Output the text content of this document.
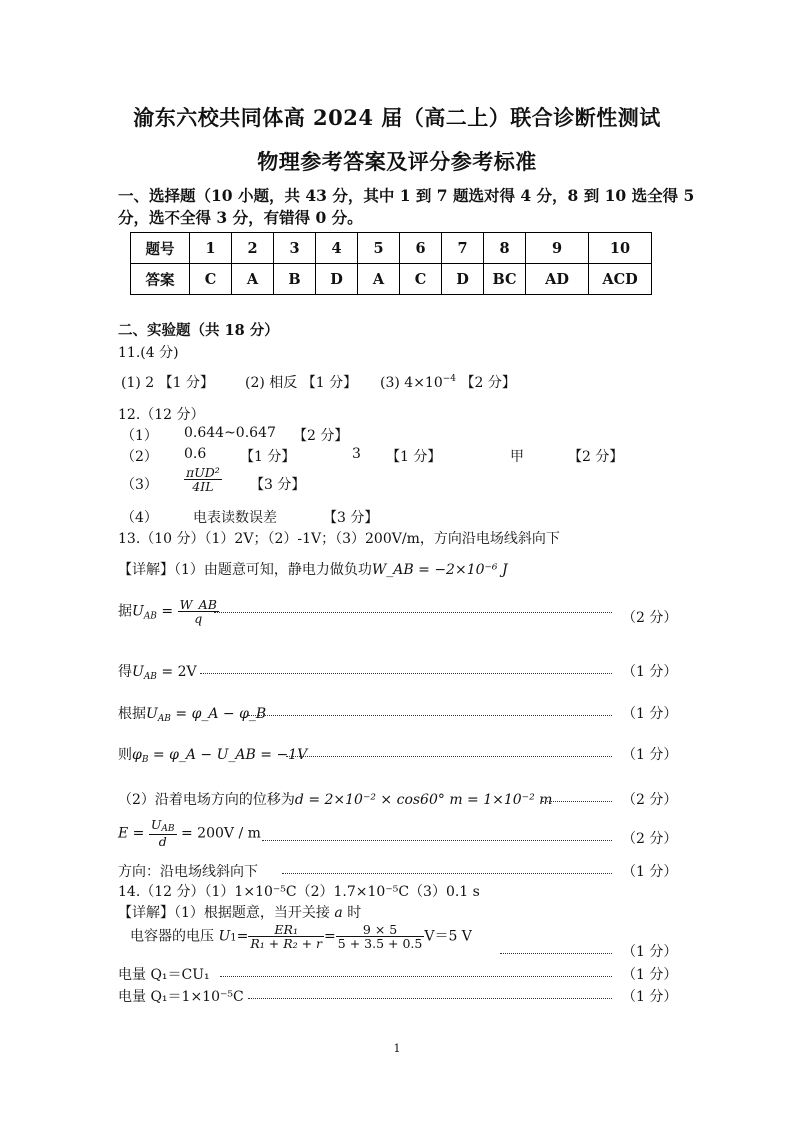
渝东六校共同体高 2024 届（高二上）联合诊断性测试
物理参考答案及评分参考标准
一、选择题（10 小题，共 43 分，其中 1 到 7 题选对得 4 分，8 到 10 选全得 5
分，选不全得 3 分，有错得 0 分。
题号	1	2	3	4	5	6	7	8	9	10
答案	C	A	B	D	A	C	D	BC	AD	ACD
二、实验题（共 18 分）
11.(4 分)
(1) 2 【1 分】 (2) 相反 【1 分】 (3) $4\times 10^{-4}$ 【2 分】
12.（12 分）
（1） 0.644~0.647 【2 分】
（2） 0.6 【1 分】	3 【1 分】	甲	【2 分】
$(3) \frac{\text{πUD²}}{4IL}$ 【3 分】
（4）	电表读数误差	【3 分】
13.（10 分）（1）2V；（2）-1V；（3）200V/m，方向沿电场线斜向下
【详解】（1）由题意可知，静电力做负功W_AB = −2×10⁻⁶ J
据$U_{AB} = \frac{W\_AB}{q}$	（2 分）
得$U_{AB} = 2V$	（1 分）
根据$U_{AB}$ = φ_A − φ_B	（1 分）
则$\varphi_B$ = φ_A − U_AB = −1V	（1 分）
（2）沿着电场方向的位移为d = 2×10⁻² × cos60° m = 1×10⁻² m	（2 分）
$E = \frac{U_{AB}}{d} = 200V / m$	（2 分）
方向：沿电场线斜向下	（1 分）
14.（12 分）（1）1×10⁻⁵C（2）1.7×10⁻⁵C（3）0.1 s
【详解】（1）根据题意，当开关接 a 时
电容器的电压 $U1= \frac{\text{ER₁}}{\text{R₁ + R₂ + r}} = \frac{9 \times 5}{5 + 3.5 + 0.5} V=5$ V
（1 分）
电量 Q₁＝CU₁	（1 分）
电量 Q₁＝1×10⁻⁵C	（1 分）
1
